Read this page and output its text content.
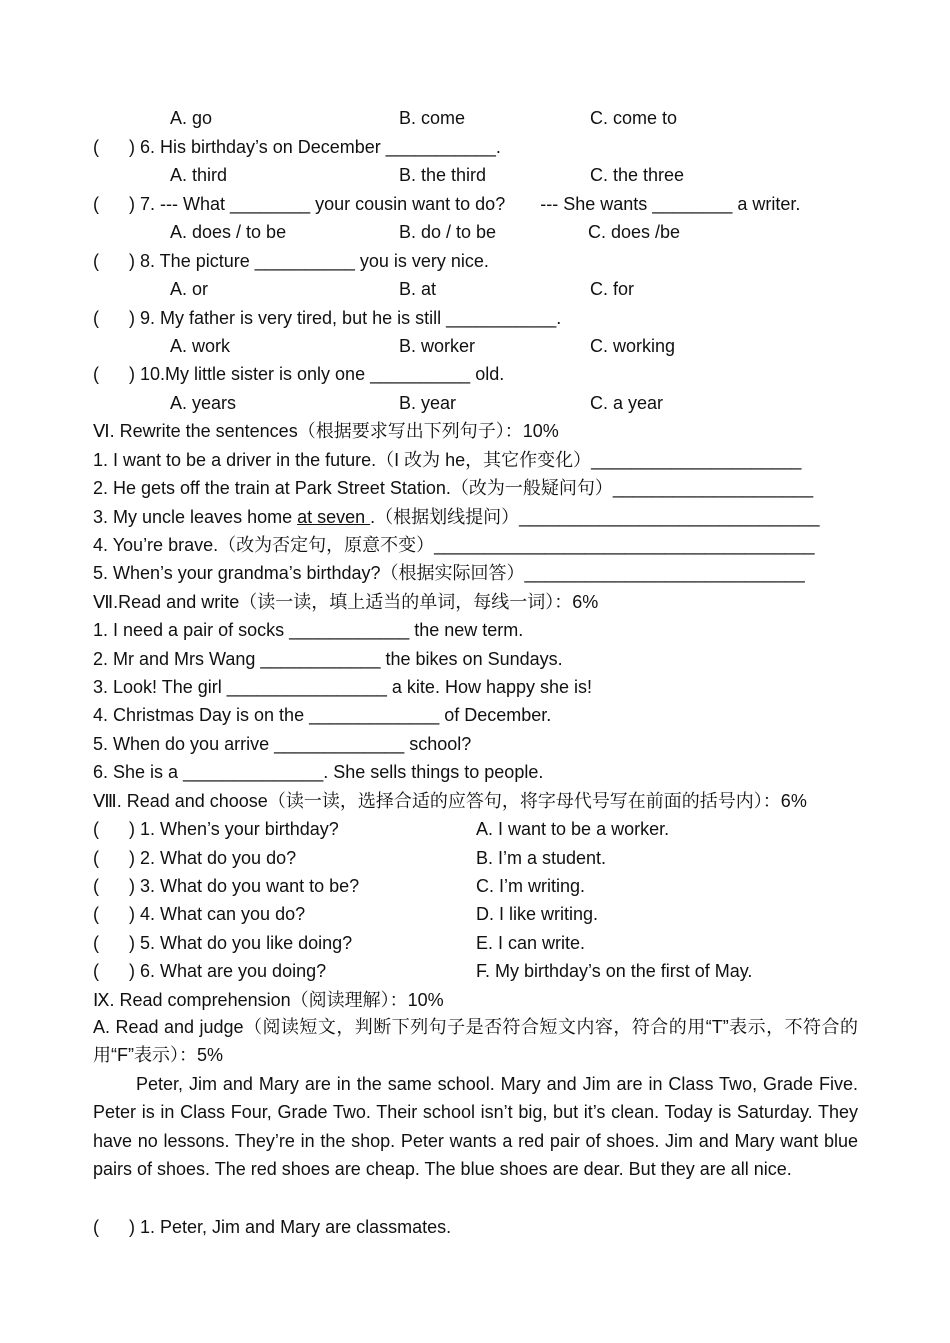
A. go	B. come	C. come to
(      ) 6. His birthday’s on December ___________.
A. third	B. the third	C. the three
(      ) 7. --- What ________ your cousin want to do?       --- She wants ________ a writer.
A. does / to be	B. do / to be	C. does /be
(      ) 8. The picture __________ you is very nice.
A. or	B. at	C. for
(      ) 9. My father is very tired, but he is still ___________.
A. work	B. worker	C. working
(      ) 10.My little sister is only one __________ old.
A. years	B. year	C. a year
Ⅵ. Rewrite the sentences（根据要求写出下列句子）：10%
1. I want to be a driver in the future.（I 改为 he，其它作变化）_____________________
2. He gets off the train at Park Street Station.（改为一般疑问句）____________________
3. My uncle leaves home at seven .（根据划线提问）______________________________
4. You’re brave.（改为否定句，原意不变）______________________________________
5. When’s your grandma’s birthday?（根据实际回答）____________________________
Ⅶ.Read and write（读一读，填上适当的单词，每线一词）：6%
1. I need a pair of socks ____________ the new term.
2. Mr and Mrs Wang ____________ the bikes on Sundays.
3. Look! The girl ________________ a kite. How happy she is!
4. Christmas Day is on the _____________ of December.
5. When do you arrive _____________ school?
6. She is a ______________. She sells things to people.
Ⅷ. Read and choose（读一读，选择合适的应答句，将字母代号写在前面的括号内）：6%
(      ) 1. When’s your birthday?	A. I want to be a worker.
(      ) 2. What do you do?	B. I’m a student.
(      ) 3. What do you want to be?	C. I’m writing.
(      ) 4. What can you do?	D. I like writing.
(      ) 5. What do you like doing?	E. I can write.
(      ) 6. What are you doing?	F. My birthday’s on the first of May.
Ⅸ. Read comprehension（阅读理解）：10%
A. Read and judge（阅读短文，判断下列句子是否符合短文内容，符合的用“T”表示，不符合的用“F”表示）：5%
Peter, Jim and Mary are in the same school. Mary and Jim are in Class Two, Grade Five. Peter is in Class Four, Grade Two. Their school isn’t big, but it’s clean. Today is Saturday. They have no lessons. They’re in the shop. Peter wants a red pair of shoes. Jim and Mary want blue pairs of shoes. The red shoes are cheap. The blue shoes are dear. But they are all nice.
(      ) 1. Peter, Jim and Mary are classmates.
